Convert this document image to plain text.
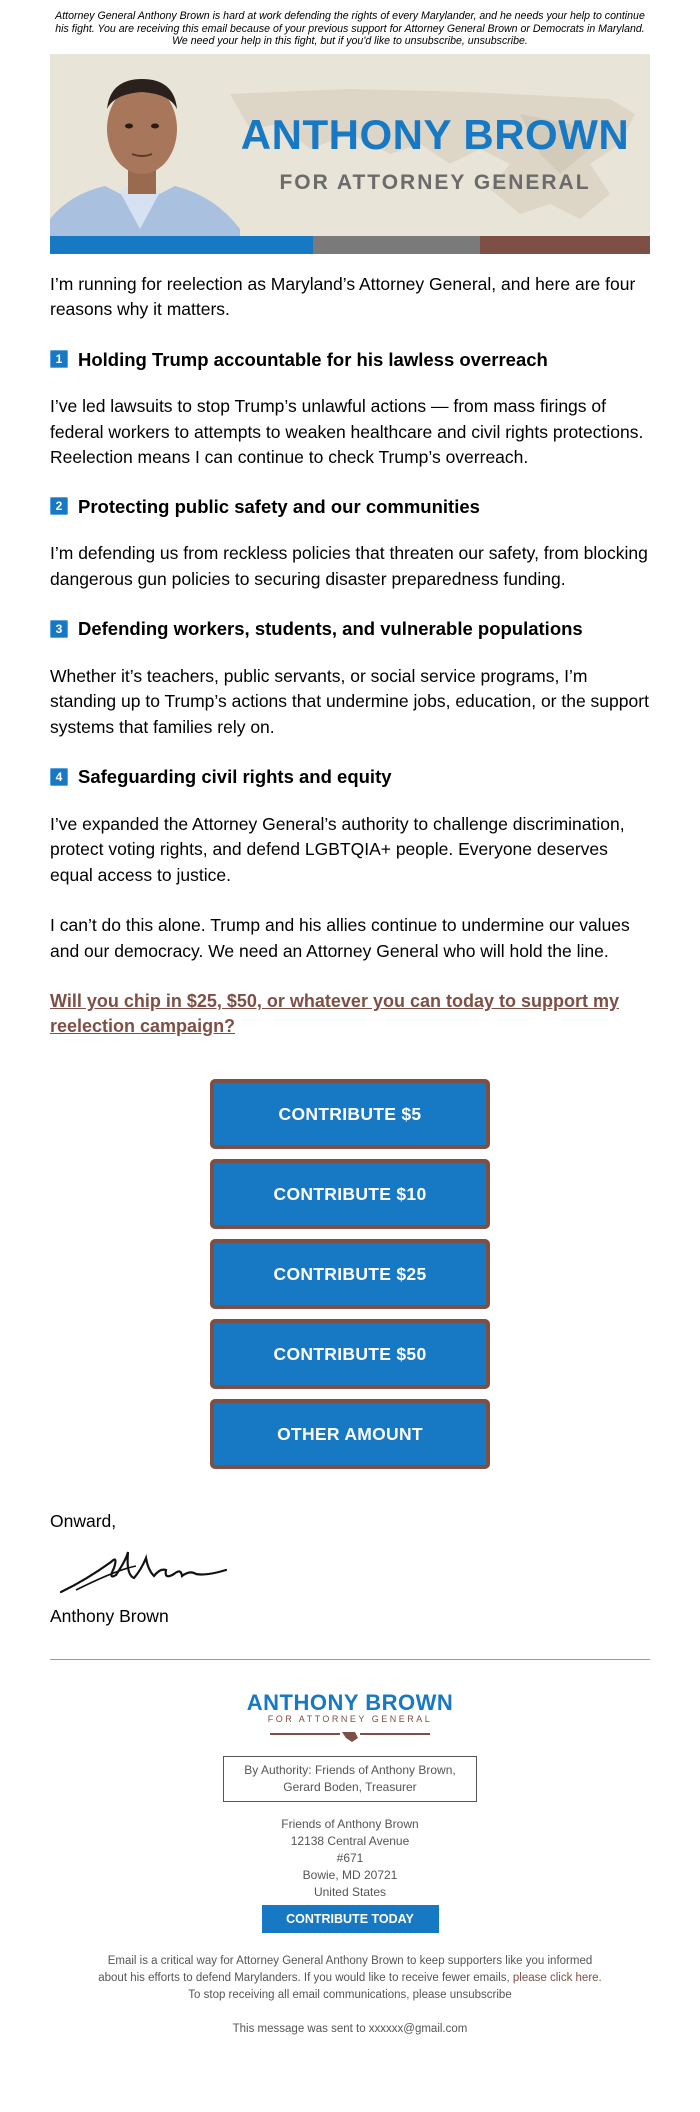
Attorney General Anthony Brown is hard at work defending the rights of every Marylander, and he needs your help to continue his fight. You are receiving this email because of your previous support for Attorney General Brown or Democrats in Maryland. We need your help in this fight, but if you'd like to unsubscribe, unsubscribe.
ANTHONY BROWN
FOR ATTORNEY GENERAL

I’m running for reelection as Maryland’s Attorney General, and here are four reasons why it matters.

1 Holding Trump accountable for his lawless overreach

I’ve led lawsuits to stop Trump’s unlawful actions — from mass firings of federal workers to attempts to weaken healthcare and civil rights protections. Reelection means I can continue to check Trump’s overreach.

2 Protecting public safety and our communities

I’m defending us from reckless policies that threaten our safety, from blocking dangerous gun policies to securing disaster preparedness funding.

3 Defending workers, students, and vulnerable populations

Whether it’s teachers, public servants, or social service programs, I’m standing up to Trump’s actions that undermine jobs, education, or the support systems that families rely on.

4 Safeguarding civil rights and equity

I’ve expanded the Attorney General’s authority to challenge discrimination, protect voting rights, and defend LGBTQIA+ people. Everyone deserves equal access to justice.

I can’t do this alone. Trump and his allies continue to undermine our values and our democracy. We need an Attorney General who will hold the line.

Will you chip in $25, $50, or whatever you can today to support my reelection campaign?

CONTRIBUTE $5
CONTRIBUTE $10
CONTRIBUTE $25
CONTRIBUTE $50
OTHER AMOUNT
Onward,
Anthony Brown
ANTHONY BROWN
FOR ATTORNEY GENERAL
By Authority: Friends of Anthony Brown,
Gerard Boden, Treasurer
Friends of Anthony Brown
12138 Central Avenue
#671
Bowie, MD 20721
United States
CONTRIBUTE TODAY
Email is a critical way for Attorney General Anthony Brown to keep supporters like you informed
about his efforts to defend Marylanders. If you would like to receive fewer emails, please click here.
To stop receiving all email communications, please unsubscribe
This message was sent to xxxxxx@gmail.com
